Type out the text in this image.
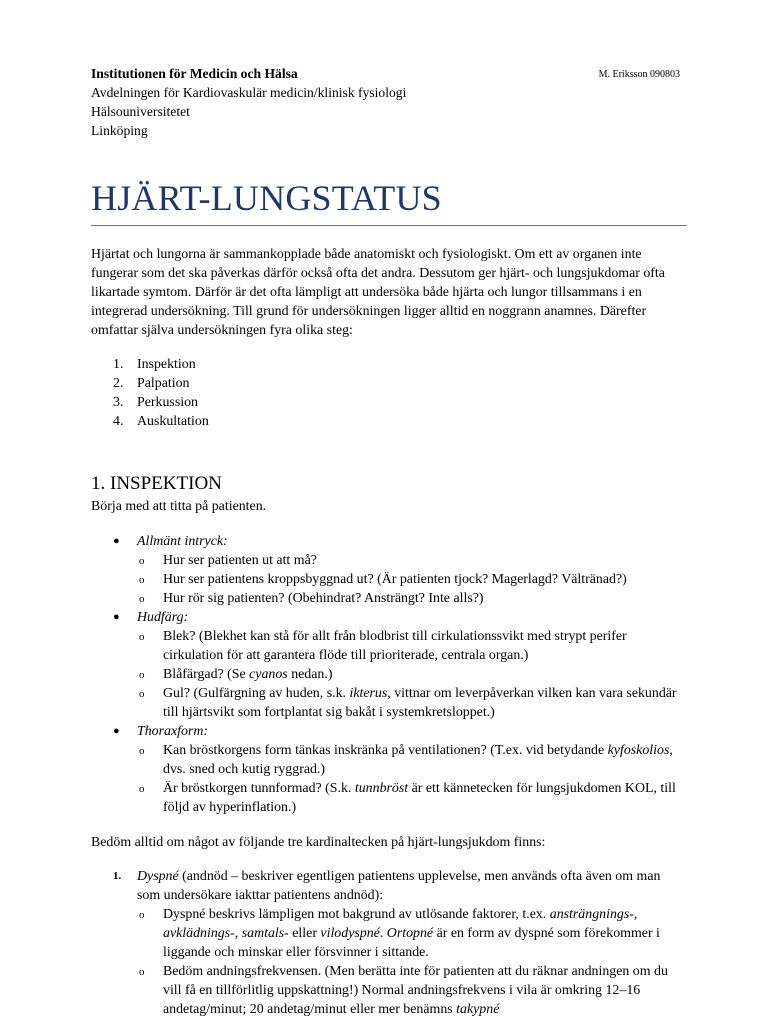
Institutionen för Medicin och Hälsa
Avdelningen för Kardiovaskulär medicin/klinisk fysiologi
Hälsouniversitetet
Linköping
M. Eriksson 090803
HJÄRT-LUNGSTATUS

Hjärtat och lungorna är sammankopplade både anatomiskt och fysiologiskt. Om ett av organen inte fungerar som det ska påverkas därför också ofta det andra. Dessutom ger hjärt- och lungsjukdomar ofta likartade symtom. Därför är det ofta lämpligt att undersöka både hjärta och lungor tillsammans i en integrerad undersökning. Till grund för undersökningen ligger alltid en noggrann anamnes. Därefter omfattar själva undersökningen fyra olika steg:

1. Inspektion
2. Palpation
3. Perkussion
4. Auskultation
1. INSPEKTION

Börja med att titta på patienten.

● Allmänt intryck:
o Hur ser patienten ut att må?
o Hur ser patientens kroppsbyggnad ut? (Är patienten tjock? Magerlagd? Vältränad?)
o Hur rör sig patienten? (Obehindrat? Ansträngt? Inte alls?)
● Hudfärg:
o Blek? (Blekhet kan stå för allt från blodbrist till cirkulationssvikt med strypt perifer cirkulation för att garantera flöde till prioriterade, centrala organ.)
o Blåfärgad? (Se cyanos nedan.)
o Gul? (Gulfärgning av huden, s.k. ikterus, vittnar om leverpåverkan vilken kan vara sekundär till hjärtsvikt som fortplantat sig bakåt i systemkretsloppet.)
● Thoraxform:
o Kan bröstkorgens form tänkas inskränka på ventilationen? (T.ex. vid betydande kyfoskolios, dvs. sned och kutig ryggrad.)
o Är bröstkorgen tunnformad? (S.k. tunnbröst är ett kännetecken för lungsjukdomen KOL, till följd av hyperinflation.)

Bedöm alltid om något av följande tre kardinaltecken på hjärt-lungsjukdom finns:

1. Dyspné (andnöd – beskriver egentligen patientens upplevelse, men används ofta även om man som undersökare iakttar patientens andnöd):
o Dyspné beskrivs lämpligen mot bakgrund av utlösande faktorer, t.ex. ansträngnings-, avklädnings-, samtals- eller vilodyspné. Ortopné är en form av dyspné som förekommer i liggande och minskar eller försvinner i sittande.
o Bedöm andningsfrekvensen. (Men berätta inte för patienten att du räknar andningen om du vill få en tillförlitlig uppskattning!) Normal andningsfrekvens i vila är omkring 12–16 andetag/minut; 20 andetag/minut eller mer benämns takypné
